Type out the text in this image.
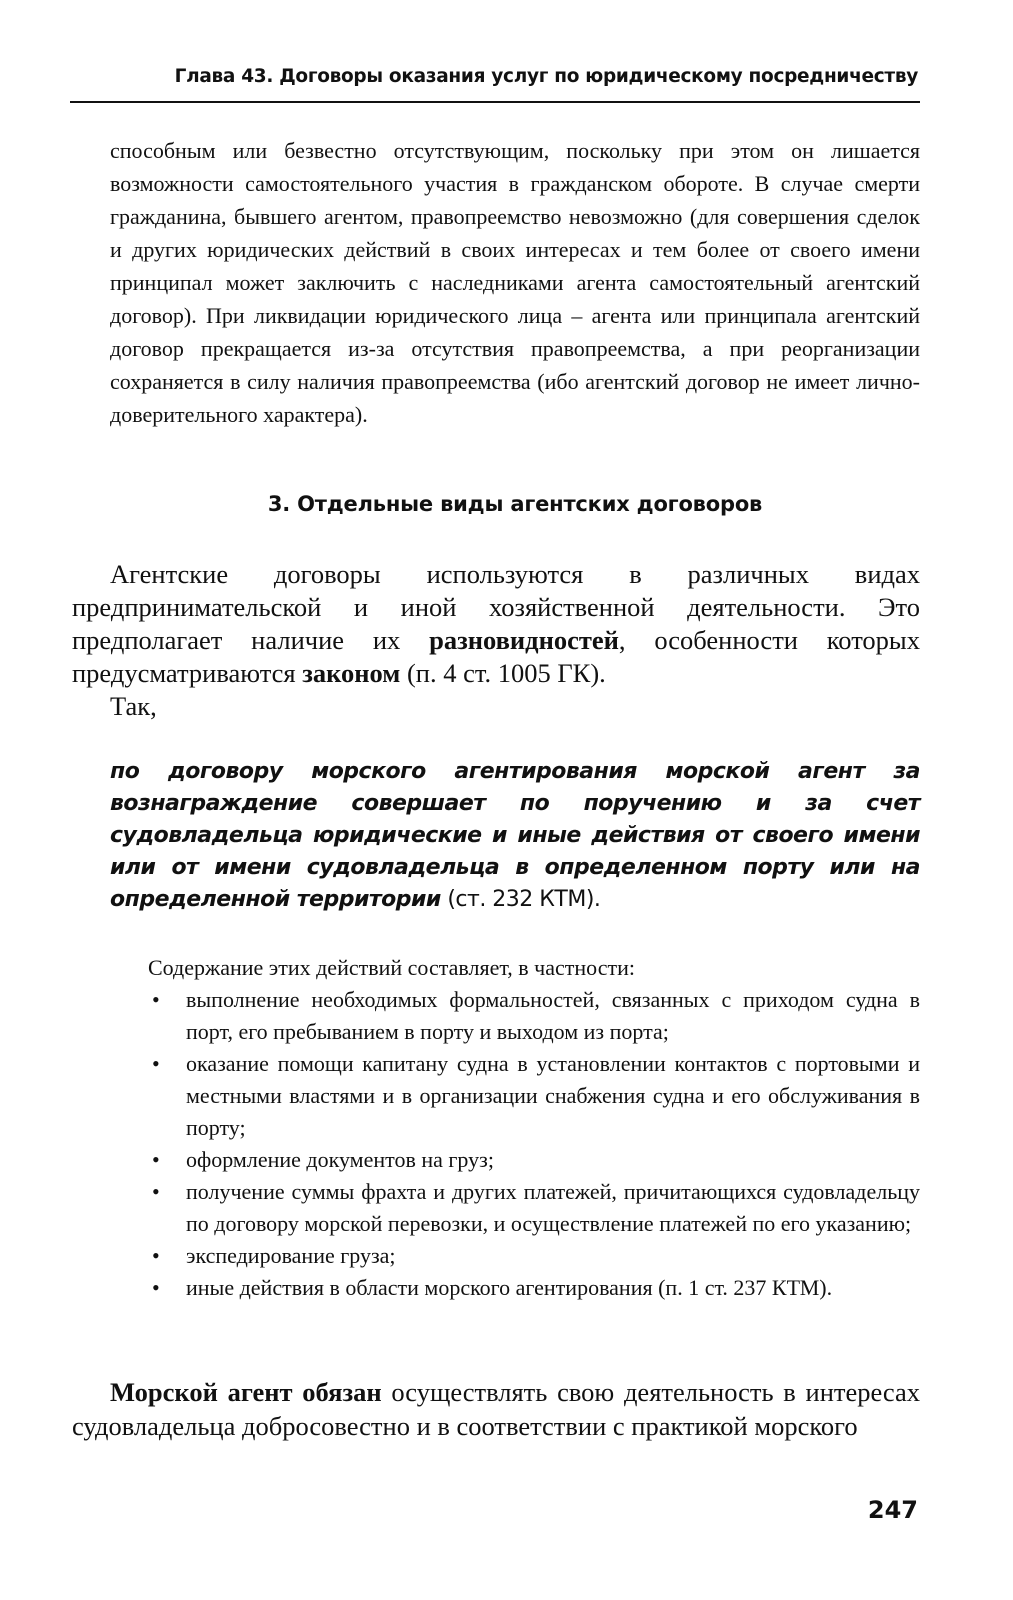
Глава 43. Договоры оказания услуг по юридическому посредничеству

способным или безвестно отсутствующим, поскольку при этом он лишается возможности самостоятельного участия в гражданском обороте. В случае смерти гражданина, бывшего агентом, правопреемство невозможно (для совершения сделок и других юридических действий в своих интересах и тем более от своего имени принципал может заключить с наследниками агента самостоятельный агентский договор). При ликвидации юридического лица – агента или принципала агентский договор прекращается из-за отсутствия правопреемства, а при реорганизации сохраняется в силу наличия правопреемства (ибо агентский договор не имеет лично-доверительного характера).

3. Отдельные виды агентских договоров

Агентские договоры используются в различных видах предпринимательской и иной хозяйственной деятельности. Это предполагает наличие их разновидностей, особенности которых предусматриваются законом (п. 4 ст. 1005 ГК).

Так,

по договору морского агентирования морской агент за вознаграждение совершает по поручению и за счет судовладельца юридические и иные действия от своего имени или от имени судовладельца в определенном порту или на определенной территории (ст. 232 КТМ).

Содержание этих действий составляет, в частности:
• выполнение необходимых формальностей, связанных с приходом судна в порт, его пребыванием в порту и выходом из порта;
• оказание помощи капитану судна в установлении контактов с портовыми и местными властями и в организации снабжения судна и его обслуживания в порту;
• оформление документов на груз;
• получение суммы фрахта и других платежей, причитающихся судовладельцу по договору морской перевозки, и осуществление платежей по его указанию;
• экспедирование груза;
• иные действия в области морского агентирования (п. 1 ст. 237 КТМ).

Морской агент обязан осуществлять свою деятельность в интересах судовладельца добросовестно и в соответствии с практикой морского

247
